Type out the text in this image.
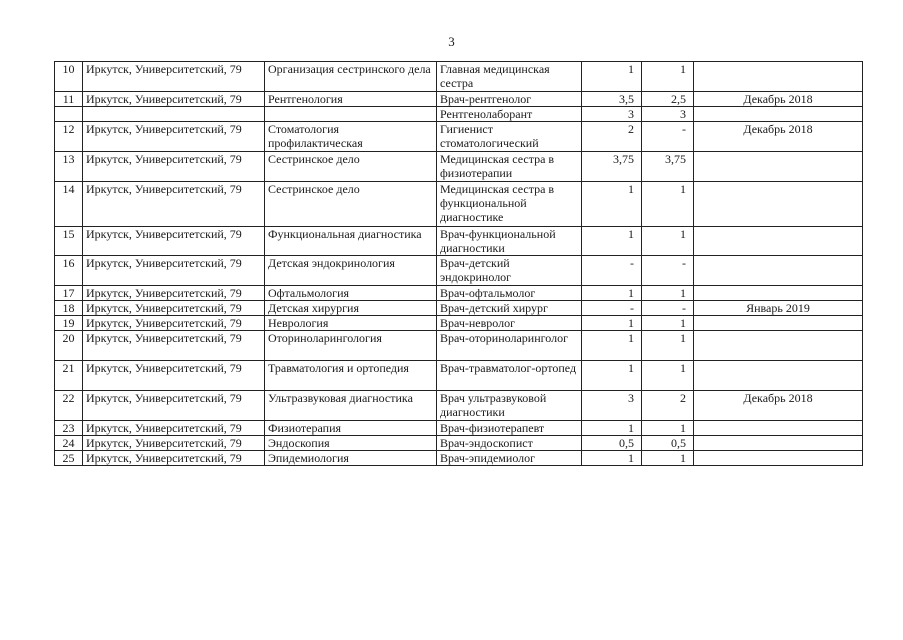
3
10	Иркутск, Университетский, 79	Организация сестринского дела	Главная медицинская сестра	1	1	
11	Иркутск, Университетский, 79	Рентгенология	Врач-рентгенолог	3,5	2,5	Декабрь 2018
			Рентгенолаборант	3	3	
12	Иркутск, Университетский, 79	Стоматология профилактическая	Гигиенист стоматологический	2	-	Декабрь 2018
13	Иркутск, Университетский, 79	Сестринское дело	Медицинская сестра в физиотерапии	3,75	3,75	
14	Иркутск, Университетский, 79	Сестринское дело	Медицинская сестра в функциональной диагностике	1	1	
15	Иркутск, Университетский, 79	Функциональная диагностика	Врач-функциональной диагностики	1	1	
16	Иркутск, Университетский, 79	Детская эндокринология	Врач-детский эндокринолог	-	-	
17	Иркутск, Университетский, 79	Офтальмология	Врач-офтальмолог	1	1	
18	Иркутск, Университетский, 79	Детская хирургия	Врач-детский хирург	-	-	Январь 2019
19	Иркутск, Университетский, 79	Неврология	Врач-невролог	1	1	
20	Иркутск, Университетский, 79	Оториноларингология	Врач-оториноларинголог	1	1	
21	Иркутск, Университетский, 79	Травматология и ортопедия	Врач-травматолог-ортопед	1	1	
22	Иркутск, Университетский, 79	Ультразвуковая диагностика	Врач ультразвуковой диагностики	3	2	Декабрь 2018
23	Иркутск, Университетский, 79	Физиотерапия	Врач-физиотерапевт	1	1	
24	Иркутск, Университетский, 79	Эндоскопия	Врач-эндоскопист	0,5	0,5	
25	Иркутск, Университетский, 79	Эпидемиология	Врач-эпидемиолог	1	1	
